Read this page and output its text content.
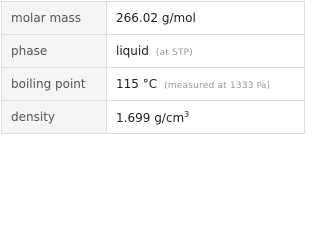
molar mass	266.02 g/mol
phase	liquid (at STP)
boiling point	115 °C (measured at 1333 Pa)
density	1.699 $g/cm^3$
